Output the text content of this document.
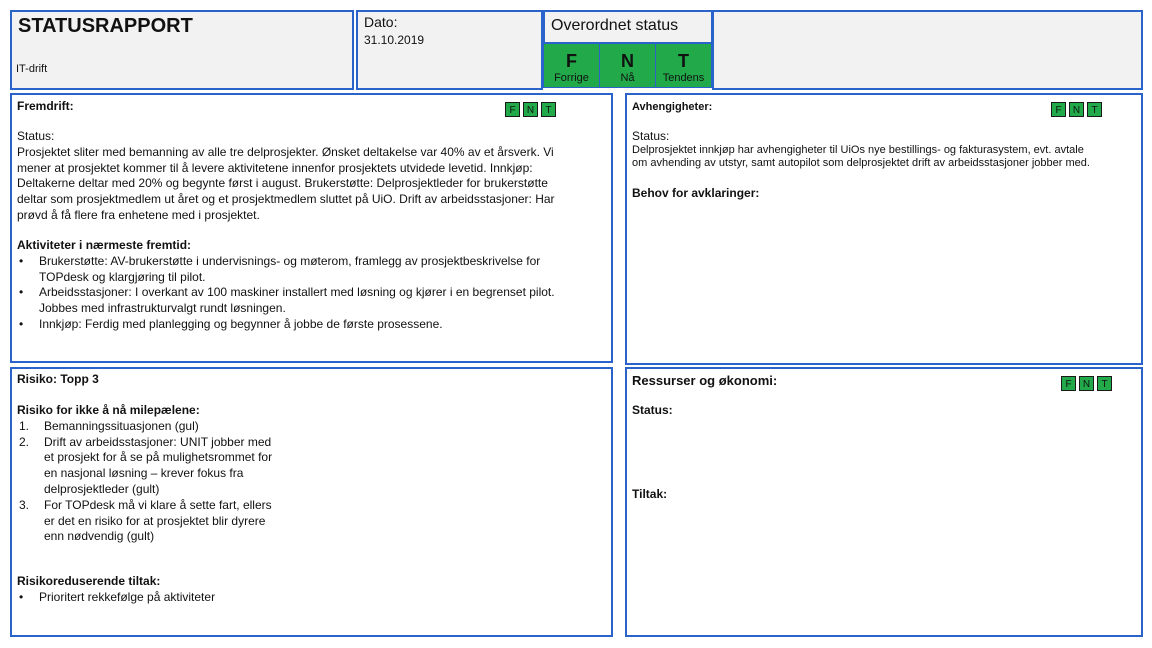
STATUSRAPPORT
IT-drift
Dato:
31.10.2019
Overordnet status
F
Forrige
N
Nå
T
Tendens
Fremdrift:	F	N	T
Status:
Prosjektet sliter med bemanning av alle tre delprosjekter. Ønsket deltakelse var 40% av et årsverk. Vi
mener at prosjektet kommer til å levere aktivitetene innenfor prosjektets utvidede levetid. Innkjøp:
Deltakerne deltar med 20% og begynte først i august. Brukerstøtte: Delprosjektleder for brukerstøtte
deltar som prosjektmedlem ut året og et prosjektmedlem sluttet på UiO. Drift av arbeidsstasjoner: Har
prøvd å få flere fra enhetene med i prosjektet.
Aktiviteter i nærmeste fremtid:
• Brukerstøtte: AV-brukerstøtte i undervisnings- og møterom, framlegg av prosjektbeskrivelse for
TOPdesk og klargjøring til pilot.
• Arbeidsstasjoner: I overkant av 100 maskiner installert med løsning og kjører i en begrenset pilot.
Jobbes med infrastrukturvalgt rundt løsningen.
• Innkjøp: Ferdig med planlegging og begynner å jobbe de første prosessene.
Avhengigheter:	F	N	T
Status:
Delprosjektet innkjøp har avhengigheter til UiOs nye bestillings- og fakturasystem, evt. avtale
om avhending av utstyr, samt autopilot som delprosjektet drift av arbeidsstasjoner jobber med.
Behov for avklaringer:
Risiko: Topp 3
Risiko for ikke å nå milepælene:
1. Bemanningssituasjonen (gul)
2. Drift av arbeidsstasjoner: UNIT jobber med
et prosjekt for å se på mulighetsrommet for
en nasjonal løsning – krever fokus fra
delprosjektleder (gult)
3. For TOPdesk må vi klare å sette fart, ellers
er det en risiko for at prosjektet blir dyrere
enn nødvendig (gult)
Risikoreduserende tiltak:
• Prioritert rekkefølge på aktiviteter
Ressurser og økonomi:	F	N	T
Status:
Tiltak:
